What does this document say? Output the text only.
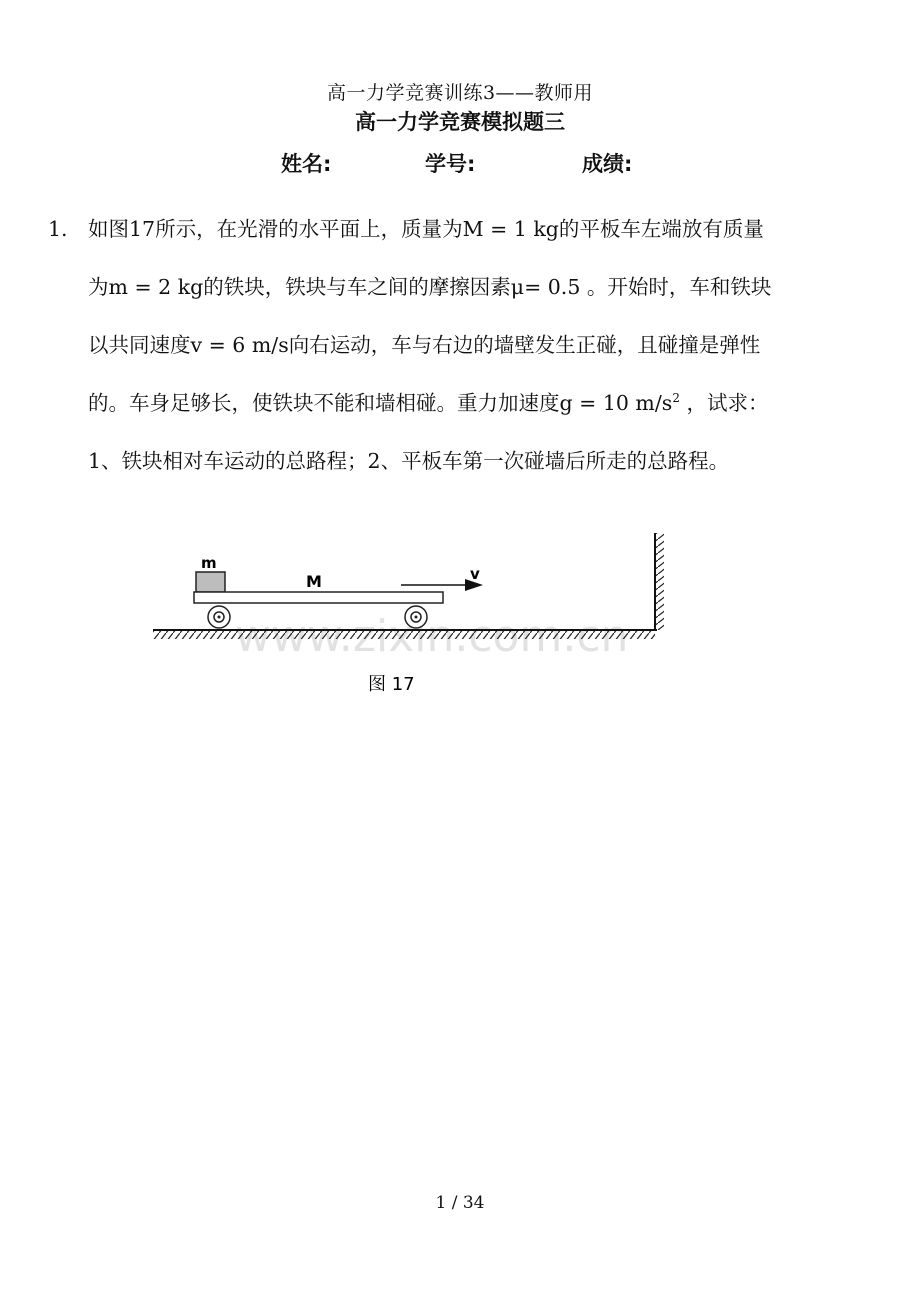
高一力学竞赛训练3——教师用
高一力学竞赛模拟题三
姓名:	学号:	成绩:
1. 如图17所示，在光滑的水平面上，质量为M = 1 kg的平板车左端放有质量
为m = 2 kg的铁块，铁块与车之间的摩擦因素μ= 0.5 。开始时，车和铁块
以共同速度v = 6 m/s向右运动，车与右边的墙壁发生正碰，且碰撞是弹性
的。车身足够长，使铁块不能和墙相碰。重力加速度g = 10 $m/s^2$ ，试求：
1、铁块相对车运动的总路程；2、平板车第一次碰墙后所走的总路程。
m
M	v
图 17
1 / 34
